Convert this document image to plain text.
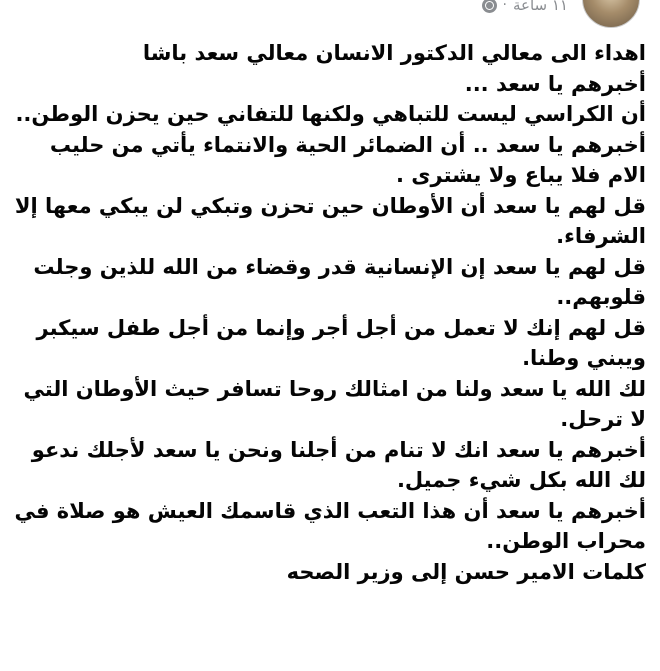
١١ ساعة
·

اهداء الى معالي الدكتور الانسان معالي سعد باشا

أخبرهم يا سعد ...

أن الكراسي ليست للتباهي ولكنها للتفاني حين يحزن الوطن..

أخبرهم يا سعد .. أن الضمائر الحية والانتماء يأتي من حليب الام فلا يباع ولا يشترى .

قل لهم يا سعد أن الأوطان حين تحزن وتبكي لن يبكي معها إلا الشرفاء.

قل لهم يا سعد إن الإنسانية قدر وقضاء من الله للذين وجلت قلوبهم..

قل لهم إنك لا تعمل من أجل أجر وإنما من أجل طفل سيكبر ويبني وطنا.

لك الله يا سعد ولنا من امثالك روحا تسافر حيث الأوطان التي لا ترحل.

أخبرهم يا سعد انك لا تنام من أجلنا ونحن يا سعد لأجلك ندعو لك الله بكل شيء جميل.

أخبرهم يا سعد أن هذا التعب الذي قاسمك العيش هو صلاة في محراب الوطن..

كلمات الامير حسن إلى وزير الصحه
